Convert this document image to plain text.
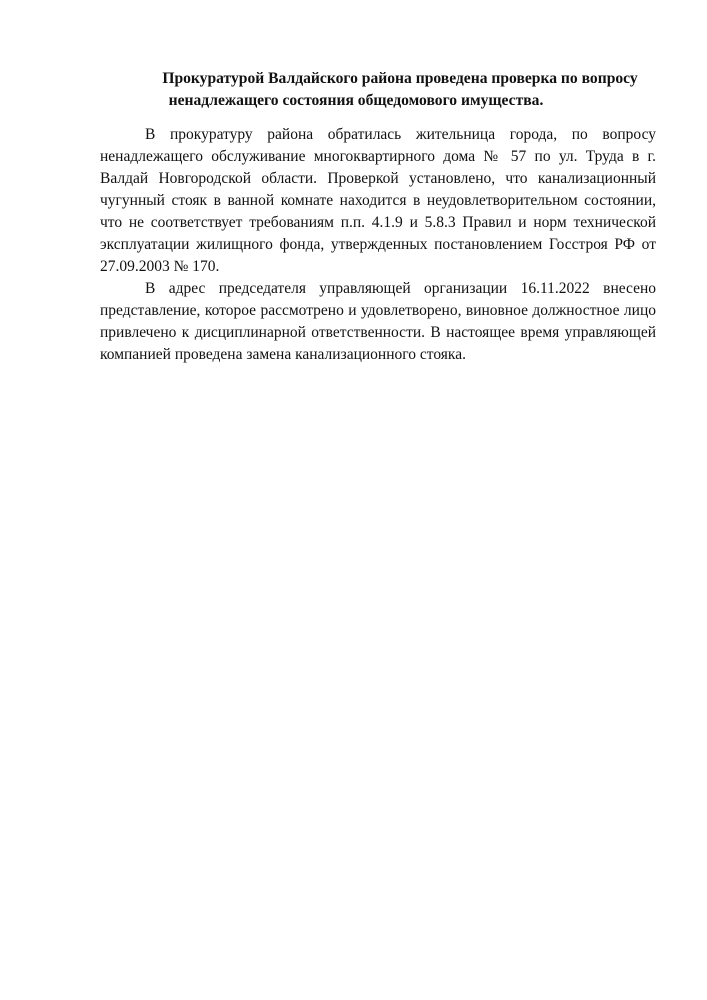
Прокуратурой Валдайского района проведена проверка по вопросу
ненадлежащего состояния общедомового имущества.

В прокуратуру района обратилась жительница города, по вопросу ненадлежащего обслуживание многоквартирного дома № 57 по ул. Труда в г. Валдай Новгородской области. Проверкой установлено, что канализационный чугунный стояк в ванной комнате находится в неудовлетворительном состоянии, что не соответствует требованиям п.п. 4.1.9 и 5.8.3 Правил и норм технической эксплуатации жилищного фонда, утвержденных постановлением Госстроя РФ от 27.09.2003 № 170.

В адрес председателя управляющей организации 16.11.2022 внесено представление, которое рассмотрено и удовлетворено, виновное должностное лицо привлечено к дисциплинарной ответственности. В настоящее время управляющей компанией проведена замена канализационного стояка.
